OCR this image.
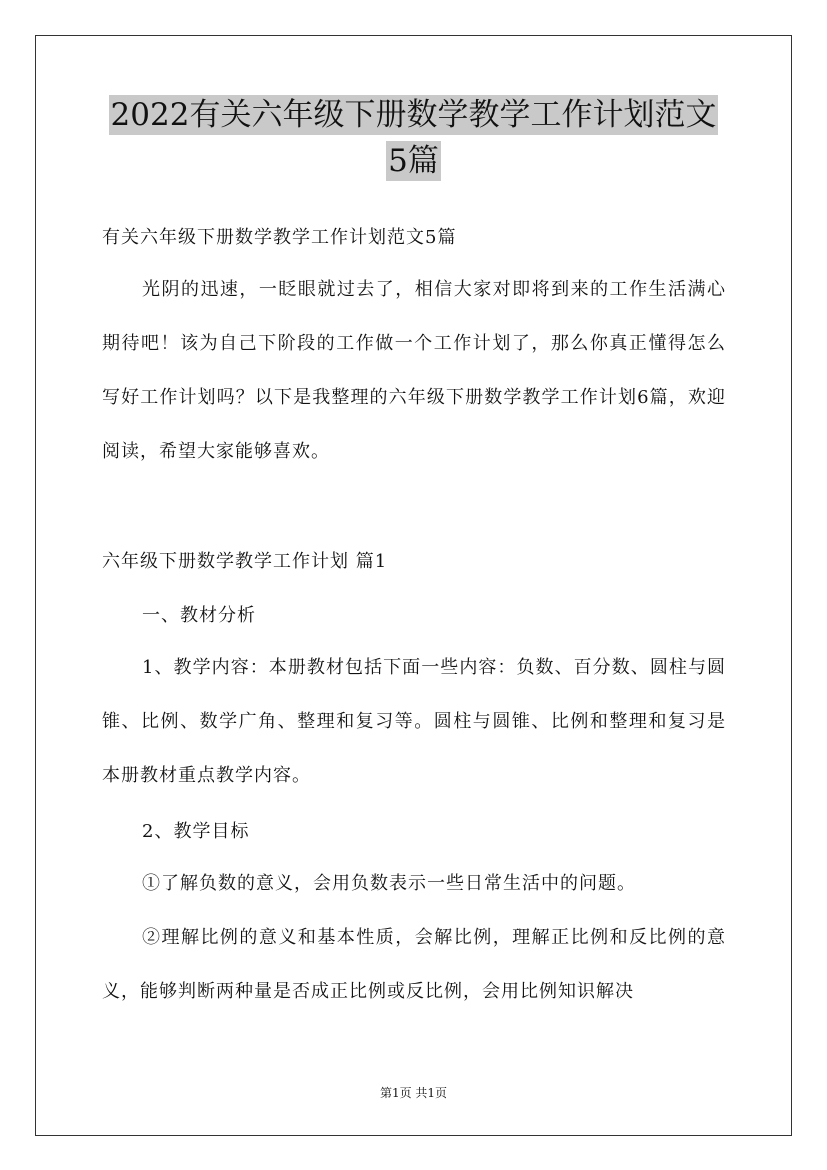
2022有关六年级下册数学教学工作计划范文5篇

有关六年级下册数学教学工作计划范文5篇

光阴的迅速，一眨眼就过去了，相信大家对即将到来的工作生活满心期待吧！该为自己下阶段的工作做一个工作计划了，那么你真正懂得怎么写好工作计划吗？以下是我整理的六年级下册数学教学工作计划6篇，欢迎阅读，希望大家能够喜欢。

六年级下册数学教学工作计划 篇1

一、教材分析

1、教学内容：本册教材包括下面一些内容：负数、百分数、圆柱与圆锥、比例、数学广角、整理和复习等。圆柱与圆锥、比例和整理和复习是本册教材重点教学内容。

2、教学目标

①了解负数的意义，会用负数表示一些日常生活中的问题。

②理解比例的意义和基本性质，会解比例，理解正比例和反比例的意义，能够判断两种量是否成正比例或反比例，会用比例知识解决

第1页 共1页
